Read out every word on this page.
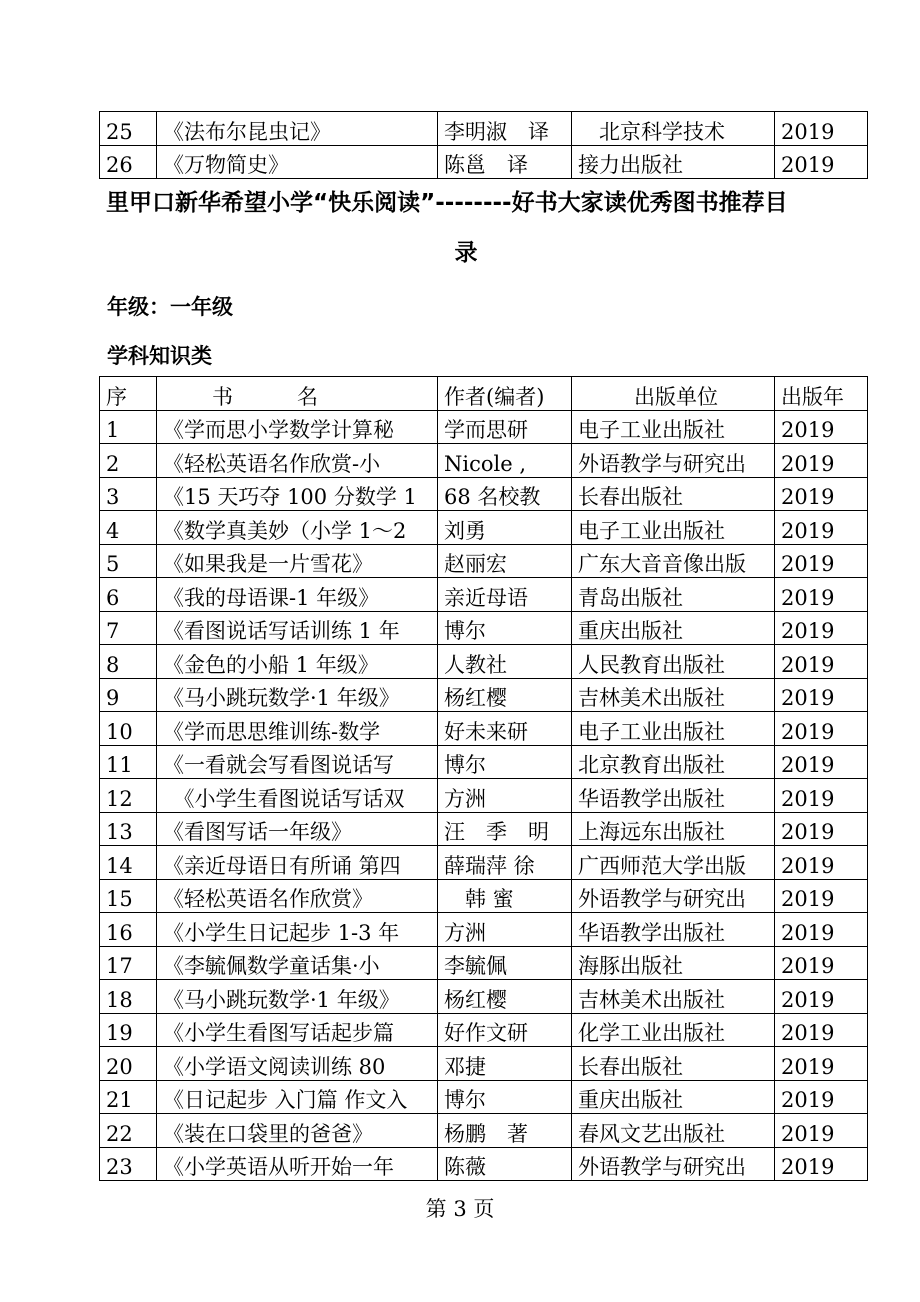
25	《法布尔昆虫记》	李明淑　译	　北京科学技术	2019
26	《万物简史》	陈邕　译	接力出版社	2019
里甲口新华希望小学“快乐阅读”--------好书大家读优秀图书推荐目
录
年级：一年级
学科知识类
序	书　　名	作者(编者)	出版单位	出版年
1	《学而思小学数学计算秘	学而思研	电子工业出版社	2019
2	《轻松英语名作欣赏-小	Nicole ,	外语教学与研究出	2019
3	《15 天巧夺 100 分数学 1	68 名校教	长春出版社	2019
4	《数学真美妙（小学 1～2	刘勇	电子工业出版社	2019
5	《如果我是一片雪花》	赵丽宏	广东大音音像出版	2019
6	《我的母语课-1 年级》	亲近母语	青岛出版社	2019
7	《看图说话写话训练 1 年	博尔	重庆出版社	2019
8	《金色的小船 1 年级》	人教社	人民教育出版社	2019
9	《马小跳玩数学·1 年级》	杨红樱	吉林美术出版社	2019
10	《学而思思维训练-数学	好未来研	电子工业出版社	2019
11	《一看就会写看图说话写	博尔	北京教育出版社	2019
12	　《小学生看图说话写话双	方洲	华语教学出版社	2019
13	《看图写话一年级》	汪　季　明	上海远东出版社	2019
14	《亲近母语日有所诵 第四	薛瑞萍 徐	广西师范大学出版	2019
15	《轻松英语名作欣赏》	　韩 蜜	外语教学与研究出	2019
16	《小学生日记起步 1-3 年	方洲	华语教学出版社	2019
17	《李毓佩数学童话集·小	李毓佩	海豚出版社	2019
18	《马小跳玩数学·1 年级》	杨红樱	吉林美术出版社	2019
19	《小学生看图写话起步篇	好作文研	化学工业出版社	2019
20	《小学语文阅读训练 80	邓捷	长春出版社	2019
21	《日记起步 入门篇 作文入	博尔	重庆出版社	2019
22	《装在口袋里的爸爸》	杨鹏　著	春风文艺出版社	2019
23	《小学英语从听开始一年	陈薇	外语教学与研究出	2019
第 3 页
